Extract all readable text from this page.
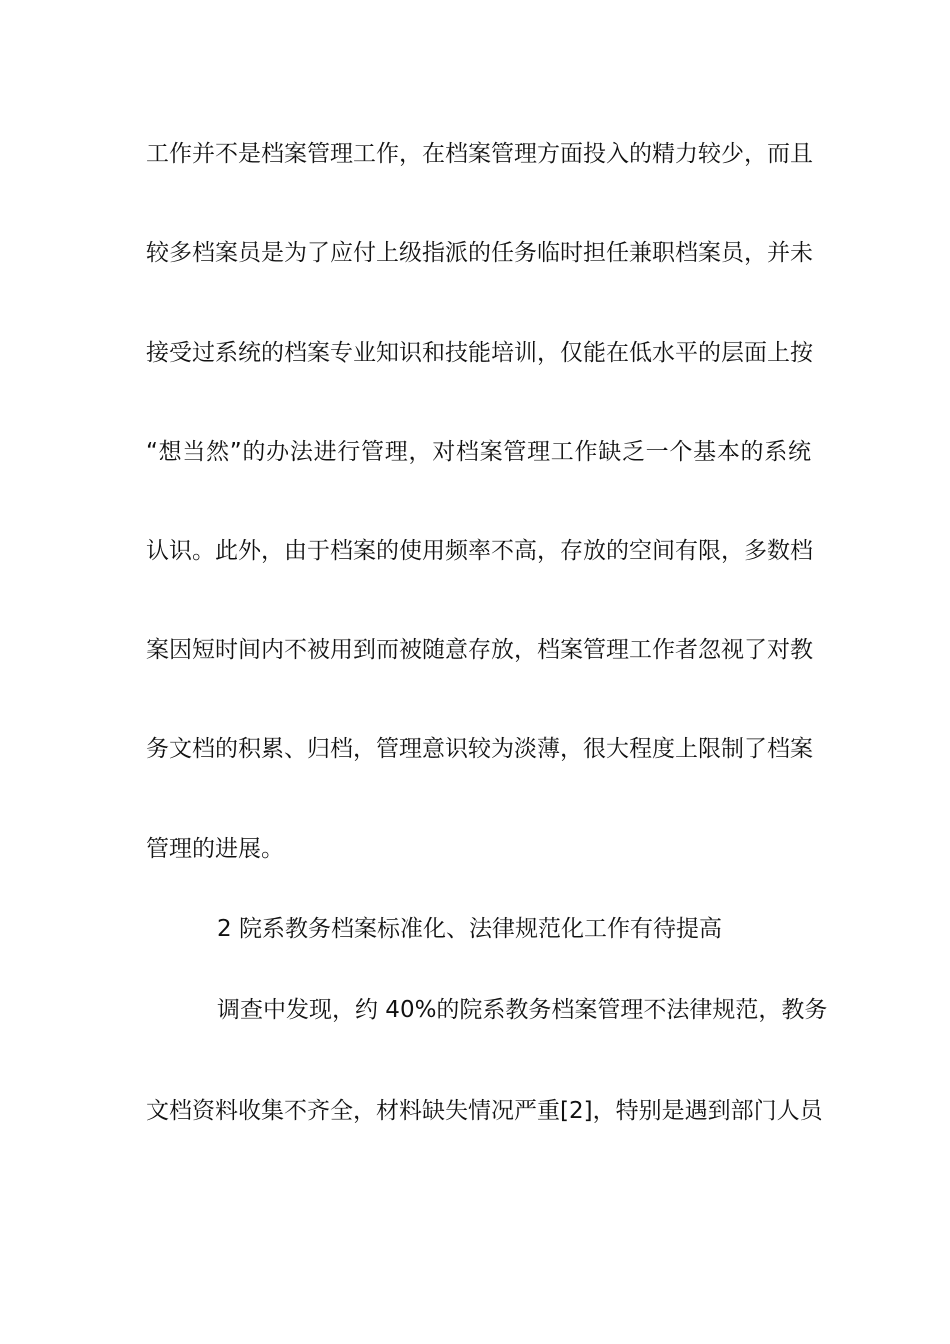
工作并不是档案管理工作，在档案管理方面投入的精力较少，而且
较多档案员是为了应付上级指派的任务临时担任兼职档案员，并未
接受过系统的档案专业知识和技能培训，仅能在低水平的层面上按
“想当然”的办法进行管理，对档案管理工作缺乏一个基本的系统
认识。此外，由于档案的使用频率不高，存放的空间有限，多数档
案因短时间内不被用到而被随意存放，档案管理工作者忽视了对教
务文档的积累、归档，管理意识较为淡薄，很大程度上限制了档案
管理的进展。
2 院系教务档案标准化、法律规范化工作有待提高
调查中发现，约 40%的院系教务档案管理不法律规范，教务
文档资料收集不齐全，材料缺失情况严重[2]，特别是遇到部门人员
